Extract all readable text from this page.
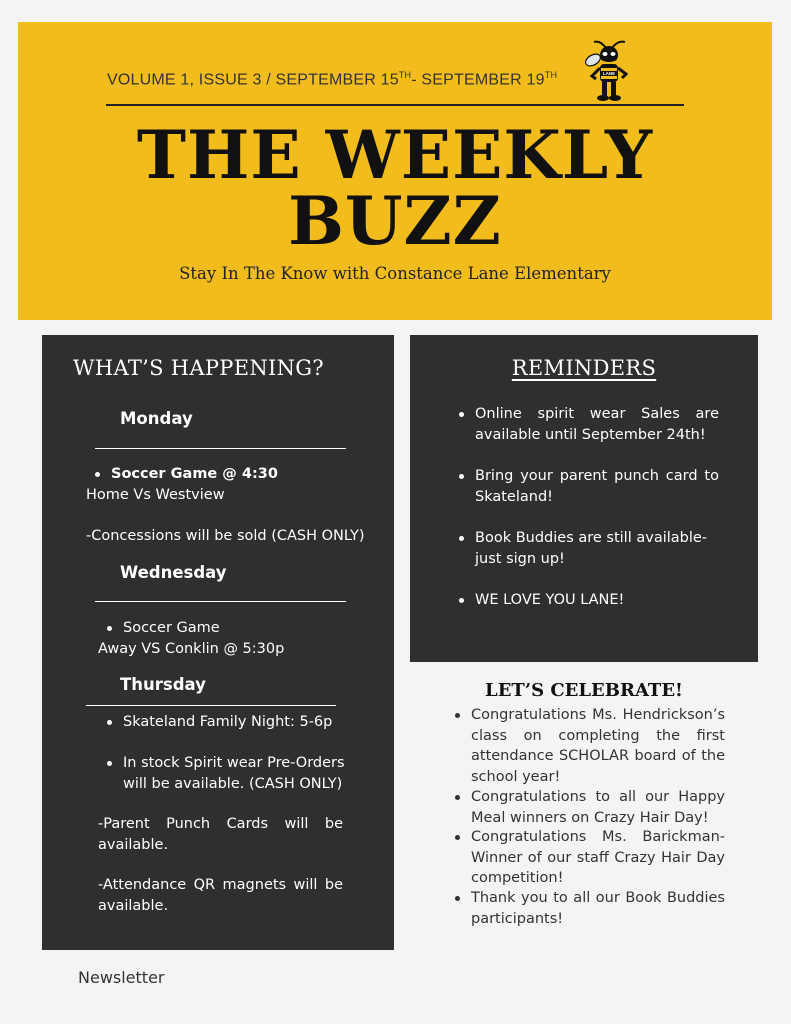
VOLUME 1, ISSUE 3 / SEPTEMBER 15TH- SEPTEMBER 19TH	LANE
THE WEEKLY
BUZZ
Stay In The Know with Constance Lane Elementary
WHAT’S HAPPENING?
Monday
Soccer Game @ 4:30
Home Vs Westview
-Concessions will be sold (CASH ONLY)
Wednesday
Soccer Game
Away VS Conklin @ 5:30p
Thursday
Skateland Family Night: 5-6p
In stock Spirit wear Pre-Orders will be available. (CASH ONLY)
-Parent Punch Cards will be available.
-Attendance QR magnets will be available.
REMINDERS
Online spirit wear Sales are available until September 24th!
Bring your parent punch card to Skateland!
Book Buddies are still available-just sign up!
WE LOVE YOU LANE!
LET’S CELEBRATE!
Congratulations Ms. Hendrickson’s class on completing the first attendance SCHOLAR board of the school year!
Congratulations to all our Happy Meal winners on Crazy Hair Day!
Congratulations Ms. Barickman-Winner of our staff Crazy Hair Day competition!
Thank you to all our Book Buddies participants!
Newsletter
